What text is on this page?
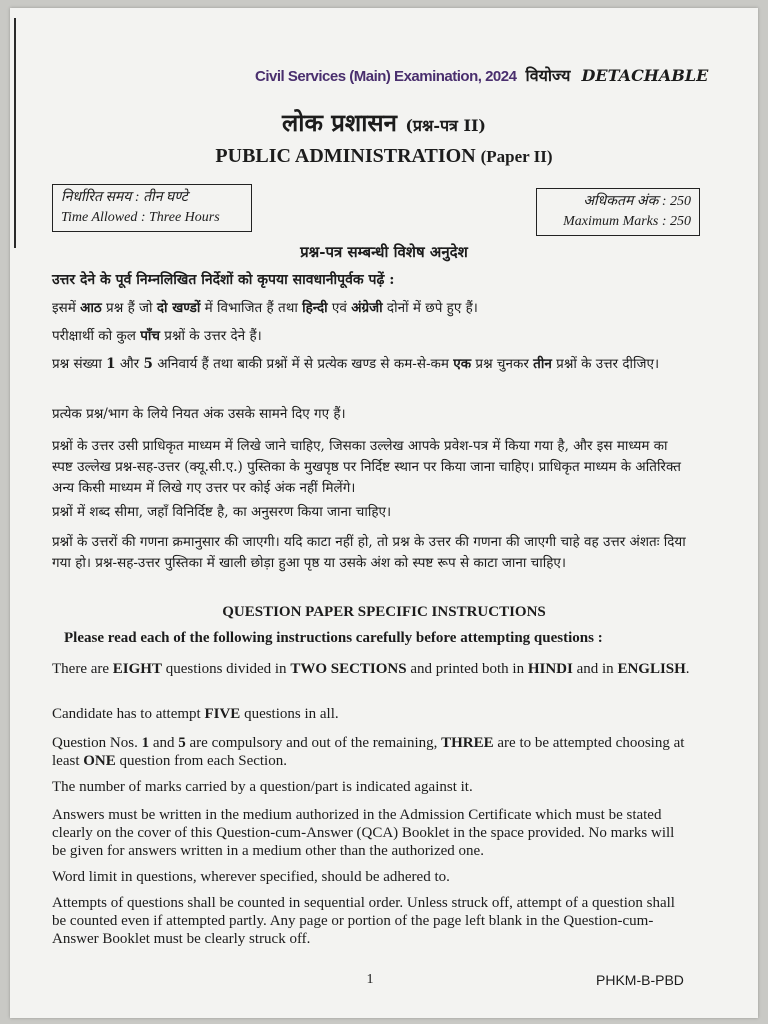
Civil Services (Main) Examination, 2024 वियोज्य DETACHABLE
लोक प्रशासन (प्रश्न-पत्र II)
PUBLIC ADMINISTRATION (Paper II)
निर्धारित समय : तीन घण्टे
Time Allowed : Three Hours
अधिकतम अंक : 250
Maximum Marks : 250
प्रश्न-पत्र सम्बन्धी विशेष अनुदेश
उत्तर देने के पूर्व निम्नलिखित निर्देशों को कृपया सावधानीपूर्वक पढ़ें :
इसमें आठ प्रश्न हैं जो दो खण्डों में विभाजित हैं तथा हिन्दी एवं अंग्रेजी दोनों में छपे हुए हैं।
परीक्षार्थी को कुल पाँच प्रश्नों के उत्तर देने हैं।
प्रश्न संख्या 1 और 5 अनिवार्य हैं तथा बाकी प्रश्नों में से प्रत्येक खण्ड से कम-से-कम एक प्रश्न चुनकर तीन प्रश्नों के उत्तर दीजिए।
प्रत्येक प्रश्न/भाग के लिये नियत अंक उसके सामने दिए गए हैं।
प्रश्नों के उत्तर उसी प्राधिकृत माध्यम में लिखे जाने चाहिए, जिसका उल्लेख आपके प्रवेश-पत्र में किया गया है, और इस माध्यम का स्पष्ट उल्लेख प्रश्न-सह-उत्तर (क्यू.सी.ए.) पुस्तिका के मुखपृष्ठ पर निर्दिष्ट स्थान पर किया जाना चाहिए। प्राधिकृत माध्यम के अतिरिक्त अन्य किसी माध्यम में लिखे गए उत्तर पर कोई अंक नहीं मिलेंगे।
प्रश्नों में शब्द सीमा, जहाँ विनिर्दिष्ट है, का अनुसरण किया जाना चाहिए।
प्रश्नों के उत्तरों की गणना क्रमानुसार की जाएगी। यदि काटा नहीं हो, तो प्रश्न के उत्तर की गणना की जाएगी चाहे वह उत्तर अंशतः दिया गया हो। प्रश्न-सह-उत्तर पुस्तिका में खाली छोड़ा हुआ पृष्ठ या उसके अंश को स्पष्ट रूप से काटा जाना चाहिए।
QUESTION PAPER SPECIFIC INSTRUCTIONS
Please read each of the following instructions carefully before attempting questions :
There are EIGHT questions divided in TWO SECTIONS and printed both in HINDI and in ENGLISH.
Candidate has to attempt FIVE questions in all.
Question Nos. 1 and 5 are compulsory and out of the remaining, THREE are to be attempted choosing at least ONE question from each Section.
The number of marks carried by a question/part is indicated against it.
Answers must be written in the medium authorized in the Admission Certificate which must be stated clearly on the cover of this Question-cum-Answer (QCA) Booklet in the space provided. No marks will be given for answers written in a medium other than the authorized one.
Word limit in questions, wherever specified, should be adhered to.
Attempts of questions shall be counted in sequential order. Unless struck off, attempt of a question shall be counted even if attempted partly. Any page or portion of the page left blank in the Question-cum-Answer Booklet must be clearly struck off.
1	PHKM-B-PBD
